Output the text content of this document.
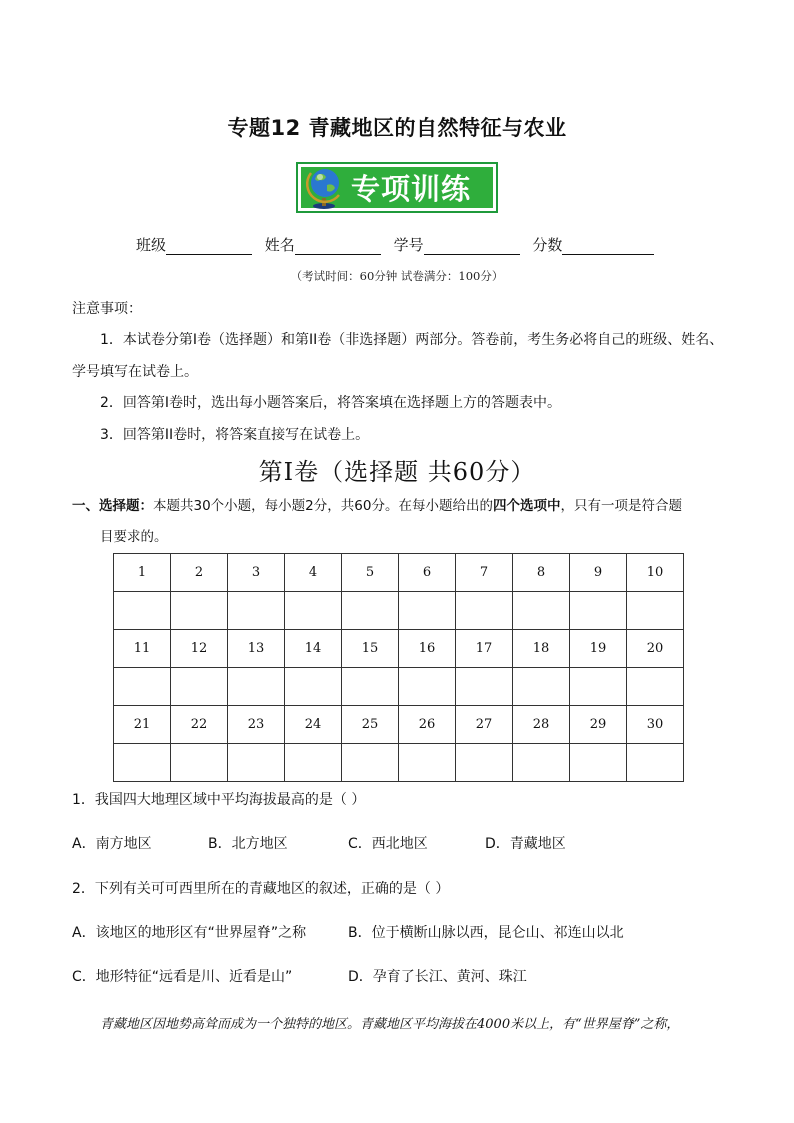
专题12 青藏地区的自然特征与农业
专项训练
班级	姓名	学号	分数
（考试时间：60分钟 试卷满分：100分）
注意事项：
1．本试卷分第I卷（选择题）和第II卷（非选择题）两部分。答卷前，考生务必将自己的班级、姓名、
学号填写在试卷上。
2．回答第I卷时，选出每小题答案后，将答案填在选择题上方的答题表中。
3．回答第II卷时，将答案直接写在试卷上。
第I卷（选择题 共60分）
一、选择题：本题共30个小题，每小题2分，共60分。在每小题给出的四个选项中，只有一项是符合题
目要求的。
1	2	3	4	5	6	7	8	9	10

11	12	13	14	15	16	17	18	19	20

21	22	23	24	25	26	27	28	29	30

1．我国四大地理区域中平均海拔最高的是（ ）
A．南方地区	B．北方地区	C．西北地区	D．青藏地区
2．下列有关可可西里所在的青藏地区的叙述，正确的是（ ）
A．该地区的地形区有“世界屋脊”之称	B．位于横断山脉以西，昆仑山、祁连山以北
C．地形特征“远看是川、近看是山”	D．孕育了长江、黄河、珠江
青藏地区因地势高耸而成为一个独特的地区。青藏地区平均海拔在4000米以上，有“世界屋脊”之称，
